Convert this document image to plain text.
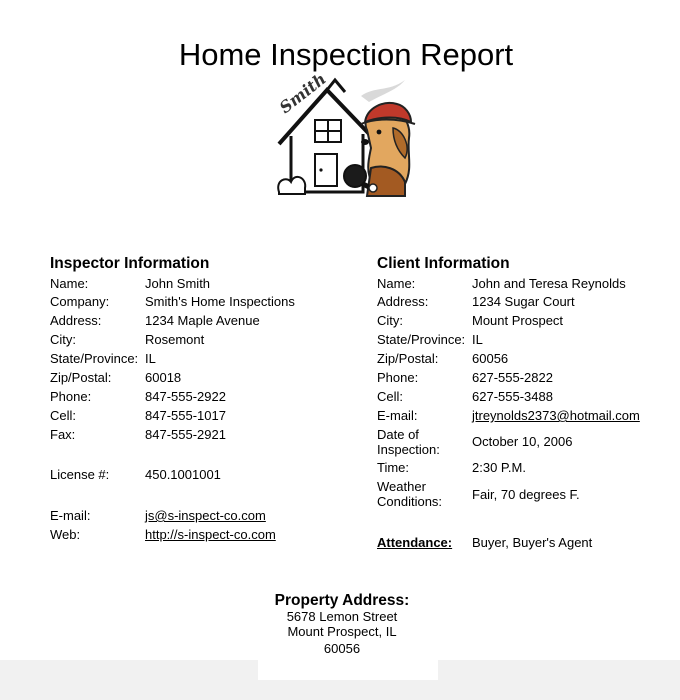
Home Inspection Report
Smith
Inspector Information
Name:	John Smith
Company:	Smith's Home Inspections
Address:	1234 Maple Avenue
City:	Rosemont
State/Province: IL
Zip/Postal:	60018
Phone:	847-555-2922
Cell:	847-555-1017
Fax:	847-555-2921
License #:	450.1001001
E-mail:	js@s-inspect-co.com
Web:	http://s-inspect-co.com
Client Information
Name:	John and Teresa Reynolds
Address:	1234 Sugar Court
City:	Mount Prospect
State/Province: IL
Zip/Postal:	60056
Phone:	627-555-2822
Cell:	627-555-3488
E-mail:	jtreynolds2373@hotmail.com
Date of Inspection:
October 10, 2006
Time:	2:30 P.M.
Weather Conditions:	Fair, 70 degrees F.
Attendance: Buyer, Buyer's Agent
Property Address:
5678 Lemon Street
Mount Prospect, IL
60056
